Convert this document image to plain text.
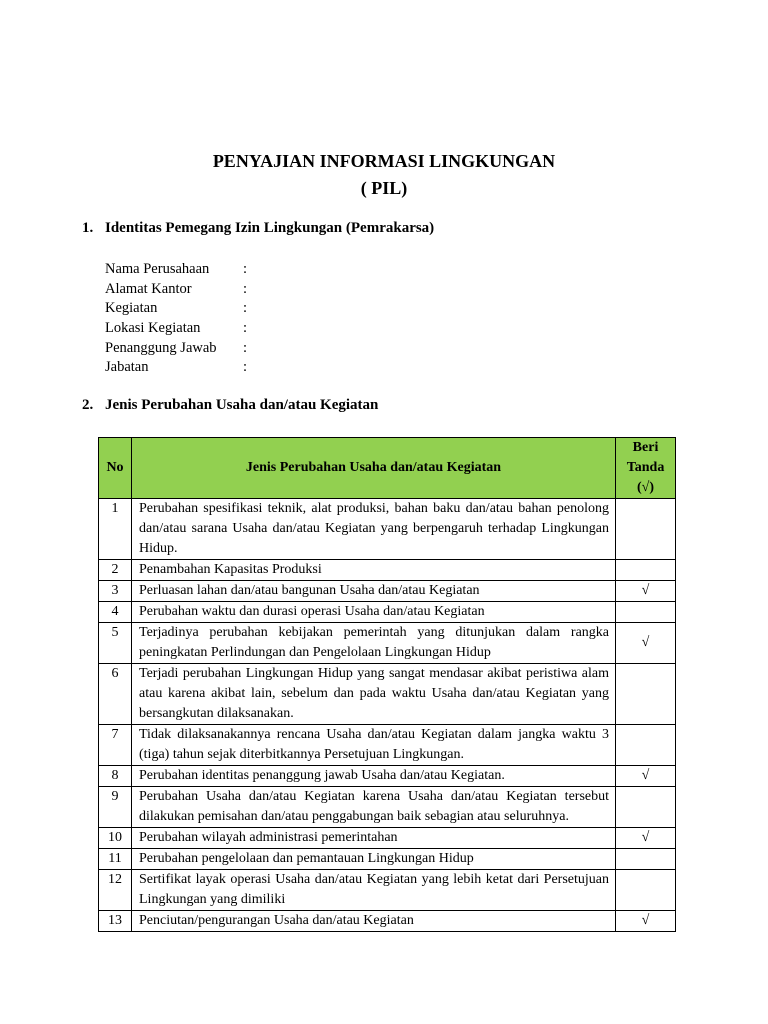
PENYAJIAN INFORMASI LINGKUNGAN
( PIL)
1. Identitas Pemegang Izin Lingkungan (Pemrakarsa)
Nama Perusahaan :
Alamat Kantor	:
Kegiatan	:
Lokasi Kegiatan	:
Penanggung Jawab :
Jabatan	:
2. Jenis Perubahan Usaha dan/atau Kegiatan
No	Jenis Perubahan Usaha dan/atau Kegiatan	Beri
Tanda
(√)

1	Perubahan spesifikasi teknik, alat produksi, bahan baku dan/atau bahan penolong dan/atau sarana Usaha dan/atau Kegiatan yang berpengaruh terhadap Lingkungan Hidup.	
2	Penambahan Kapasitas Produksi	
3	Perluasan lahan dan/atau bangunan Usaha dan/atau Kegiatan	√
4	Perubahan waktu dan durasi operasi Usaha dan/atau Kegiatan	
5	Terjadinya perubahan kebijakan pemerintah yang ditunjukan dalam rangka peningkatan Perlindungan dan Pengelolaan Lingkungan Hidup	√
6	Terjadi perubahan Lingkungan Hidup yang sangat mendasar akibat peristiwa alam atau karena akibat lain, sebelum dan pada waktu Usaha dan/atau Kegiatan yang bersangkutan dilaksanakan.	
7	Tidak dilaksanakannya rencana Usaha dan/atau Kegiatan dalam jangka waktu 3 (tiga) tahun sejak diterbitkannya Persetujuan Lingkungan.	
8	Perubahan identitas penanggung jawab Usaha dan/atau Kegiatan.	√
9	Perubahan Usaha dan/atau Kegiatan karena Usaha dan/atau Kegiatan tersebut dilakukan pemisahan dan/atau penggabungan baik sebagian atau seluruhnya.	
10	Perubahan wilayah administrasi pemerintahan	√
11	Perubahan pengelolaan dan pemantauan Lingkungan Hidup	
12	Sertifikat layak operasi Usaha dan/atau Kegiatan yang lebih ketat dari Persetujuan Lingkungan yang dimiliki	
13	Penciutan/pengurangan Usaha dan/atau Kegiatan	√
